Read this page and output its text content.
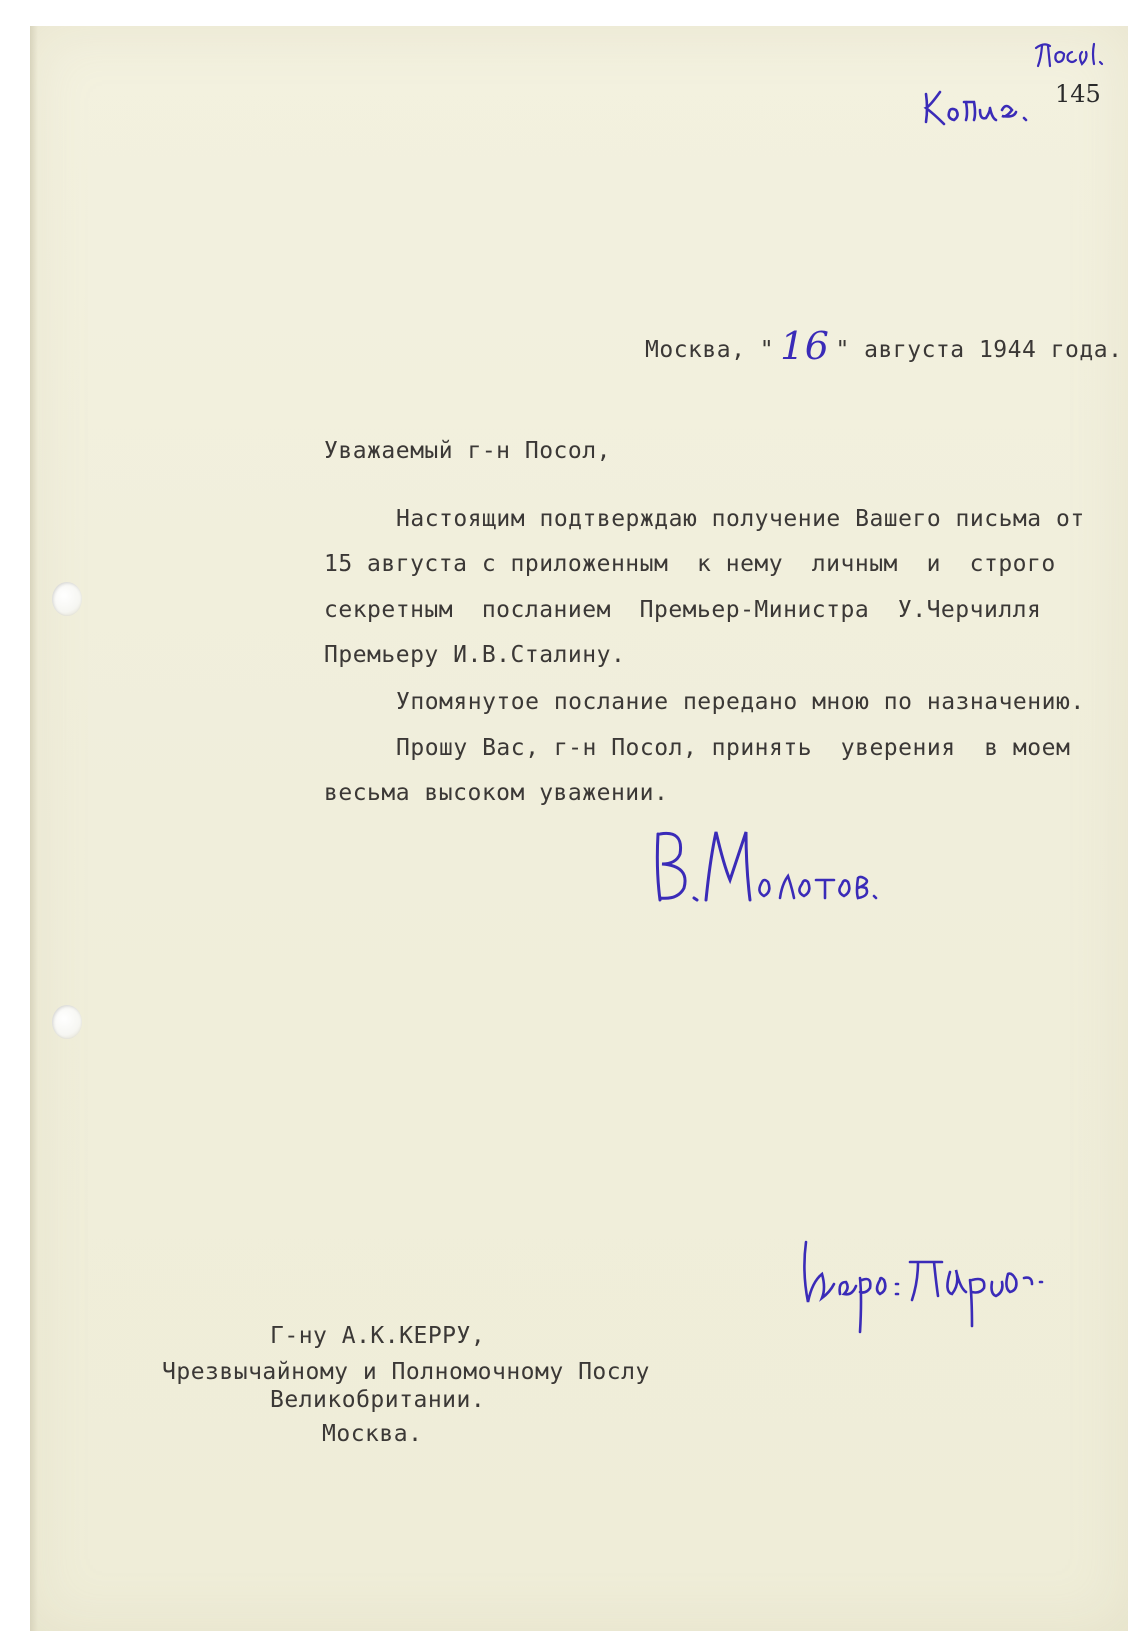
145
Москва, " 16 " августа 1944 года.
Уважаемый г-н Посол,
Настоящим подтверждаю получение Вашего письма от
15 августа с приложенным  к нему  личным  и  строго
секретным  посланием  Премьер-Министра  У.Черчилля
Премьеру И.В.Сталину.
Упомянутое послание передано мною по назначению.
Прошу Вас, г-н Посол, принять  уверения  в моем
весьма высоком уважении.
Г-ну А.К.КЕРРУ,
Чрезвычайному и Полномочному Послу
Великобритании.
Москва.
